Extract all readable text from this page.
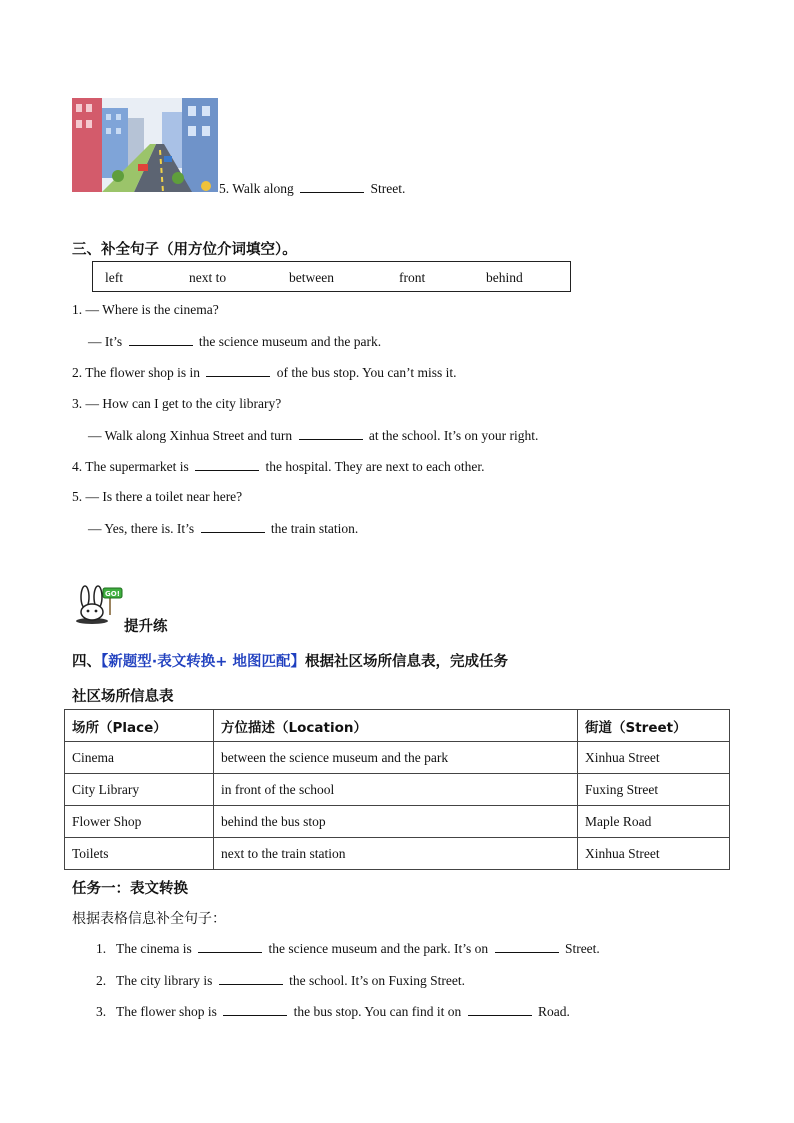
5. Walk along	Street.
三、补全句子（用方位介词填空）。
left	next to	between	front	behind
1. — Where is the cinema?
— It’s	the science museum and the park.
2. The flower shop is in	of the bus stop. You can’t miss it.
3. — How can I get to the city library?
— Walk along Xinhua Street and turn	at the school. It’s on your right.
4. The supermarket is	the hospital. They are next to each other.
5. — Is there a toilet near here?
— Yes, there is. It’s	the train station.
GO!
提升练
四、【新题型·表文转换+ 地图匹配】根据社区场所信息表，完成任务
社区场所信息表
场所（Place）	方位描述（Location）	街道（Street）
Cinema	between the science museum and the park	Xinhua Street
City Library	in front of the school	Fuxing Street
Flower Shop	behind the bus stop	Maple Road
Toilets	next to the train station	Xinhua Street
任务一：表文转换
根据表格信息补全句子：
1. The cinema is	the science museum and the park. It’s on	Street.
2. The city library is	the school. It’s on Fuxing Street.
3. The flower shop is	the bus stop. You can find it on	Road.
